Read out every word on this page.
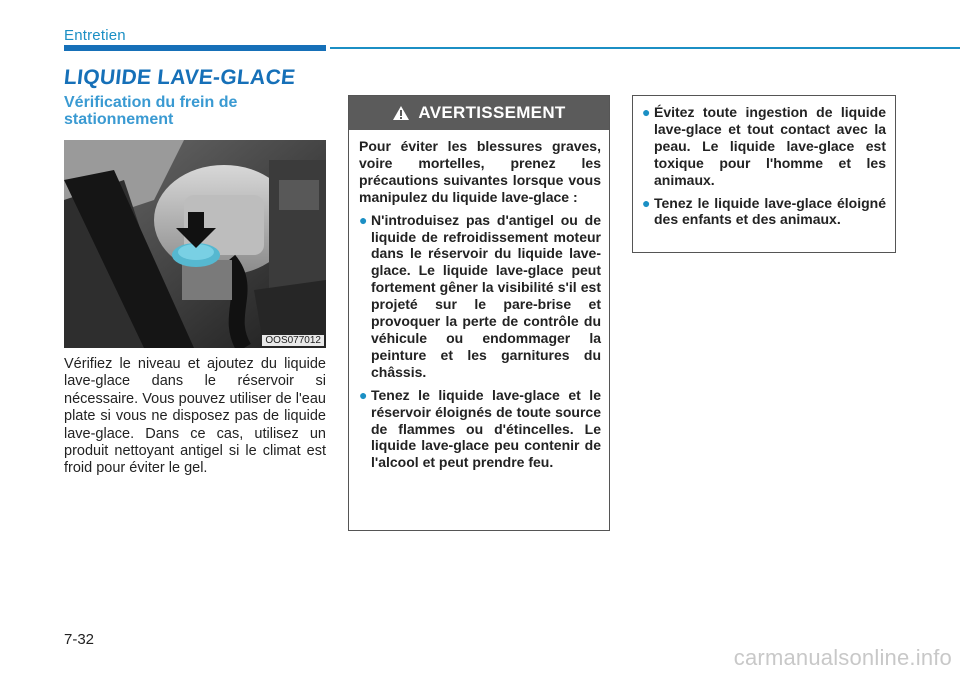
Entretien
LIQUIDE LAVE-GLACE
Vérification du frein de stationnement
OOS077012
Vérifiez le niveau et ajoutez du liquide lave-glace dans le réservoir si nécessaire. Vous pouvez utiliser de l'eau plate si vous ne disposez pas de liquide lave-glace. Dans ce cas, utilisez un produit nettoyant antigel si le climat est froid pour éviter le gel.
AVERTISSEMENT

Pour éviter les blessures graves, voire mortelles, prenez les précautions suivantes lorsque vous manipulez du liquide lave-glace :

● N'introduisez pas d'antigel ou de liquide de refroidissement moteur dans le réservoir du liquide lave-glace. Le liquide lave-glace peut fortement gêner la visibilité s'il est projeté sur le pare-brise et provoquer la perte de contrôle du véhicule ou endommager la peinture et les garnitures du châssis.
● Tenez le liquide lave-glace et le réservoir éloignés de toute source de flammes ou d'étincelles. Le liquide lave-glace peu contenir de l'alcool et peut prendre feu.
● Évitez toute ingestion de liquide lave-glace et tout contact avec la peau. Le liquide lave-glace est toxique pour l'homme et les animaux.
● Tenez le liquide lave-glace éloigné des enfants et des animaux.
7-32
carmanualsonline.info
